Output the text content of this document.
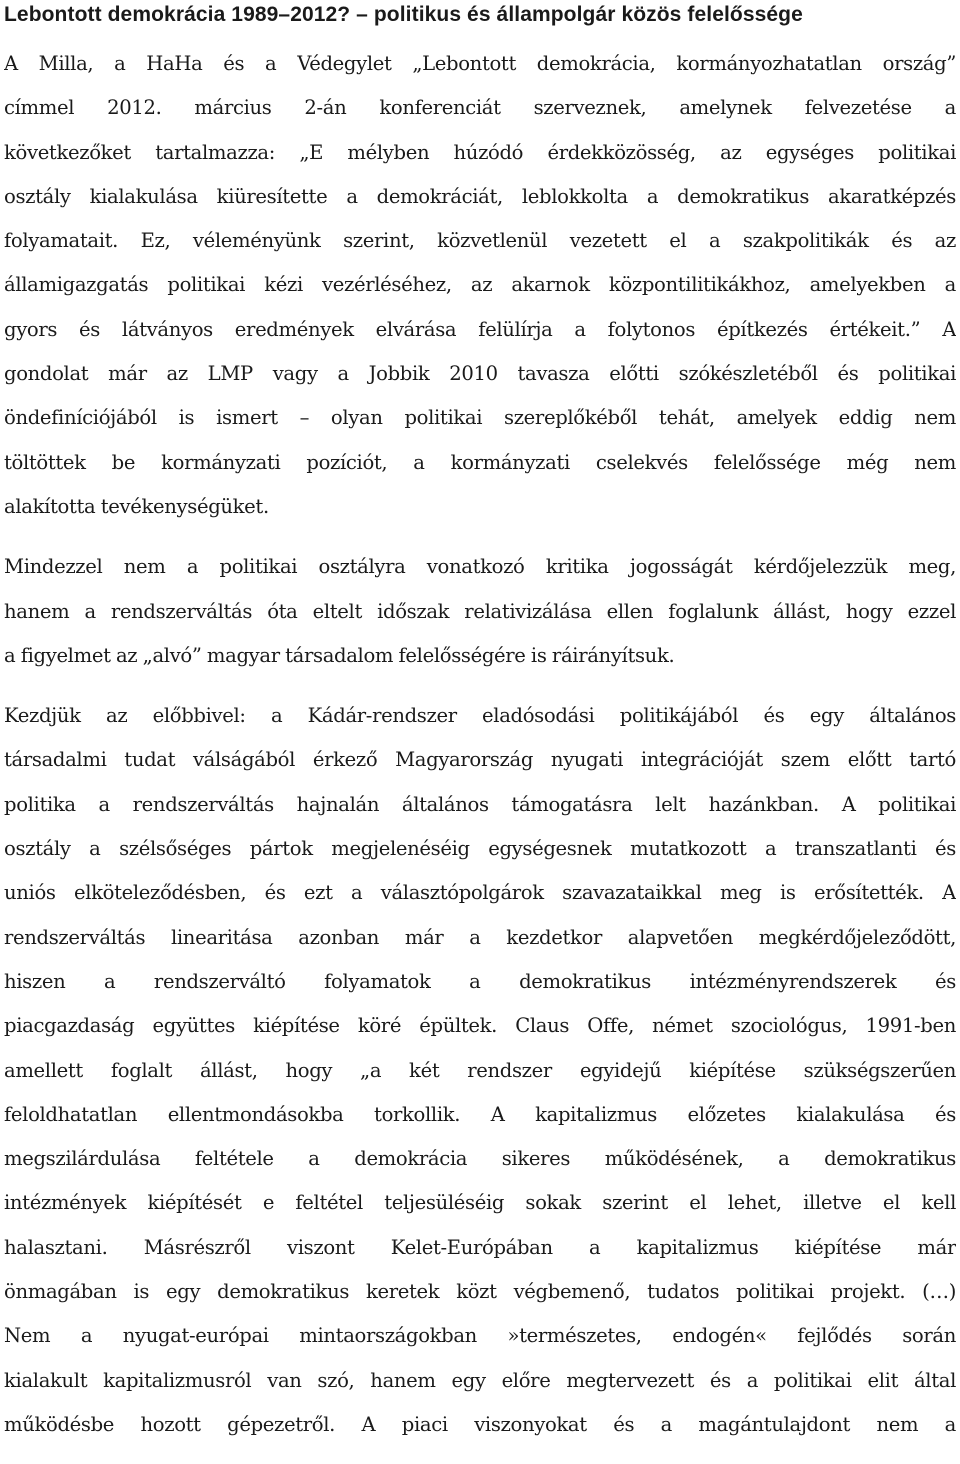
Lebontott demokrácia 1989–2012? – politikus és állampolgár közös felelőssége
A Milla, a HaHa és a Védegylet „Lebontott demokrácia, kormányozhatatlan ország”
címmel 2012. március 2-án konferenciát szerveznek, amelynek felvezetése a
következőket tartalmazza: „E mélyben húzódó érdekközösség, az egységes politikai
osztály kialakulása kiüresítette a demokráciát, leblokkolta a demokratikus akaratképzés
folyamatait. Ez, véleményünk szerint, közvetlenül vezetett el a szakpolitikák és az
államigazgatás politikai kézi vezérléséhez, az akarnok központilitikákhoz, amelyekben a
gyors és látványos eredmények elvárása felülírja a folytonos építkezés értékeit.” A
gondolat már az LMP vagy a Jobbik 2010 tavasza előtti szókészletéből és politikai
öndefiníciójából is ismert – olyan politikai szereplőkéből tehát, amelyek eddig nem
töltöttek be kormányzati pozíciót, a kormányzati cselekvés felelőssége még nem
alakította tevékenységüket.
Mindezzel nem a politikai osztályra vonatkozó kritika jogosságát kérdőjelezzük meg,
hanem a rendszerváltás óta eltelt időszak relativizálása ellen foglalunk állást, hogy ezzel
a figyelmet az „alvó” magyar társadalom felelősségére is ráirányítsuk.
Kezdjük az előbbivel: a Kádár-rendszer eladósodási politikájából és egy általános
társadalmi tudat válságából érkező Magyarország nyugati integrációját szem előtt tartó
politika a rendszerváltás hajnalán általános támogatásra lelt hazánkban. A politikai
osztály a szélsőséges pártok megjelenéséig egységesnek mutatkozott a transzatlanti és
uniós elköteleződésben, és ezt a választópolgárok szavazataikkal meg is erősítették. A
rendszerváltás linearitása azonban már a kezdetkor alapvetően megkérdőjeleződött,
hiszen a rendszerváltó folyamatok a demokratikus intézményrendszerek és
piacgazdaság együttes kiépítése köré épültek. Claus Offe, német szociológus, 1991-ben
amellett foglalt állást, hogy „a két rendszer egyidejű kiépítése szükségszerűen
feloldhatatlan ellentmondásokba torkollik. A kapitalizmus előzetes kialakulása és
megszilárdulása feltétele a demokrácia sikeres működésének, a demokratikus
intézmények kiépítését e feltétel teljesüléséig sokak szerint el lehet, illetve el kell
halasztani. Másrészről viszont Kelet-Európában a kapitalizmus kiépítése már
önmagában is egy demokratikus keretek közt végbemenő, tudatos politikai projekt. (…)
Nem a nyugat-európai mintaországokban »természetes, endogén« fejlődés során
kialakult kapitalizmusról van szó, hanem egy előre megtervezett és a politikai elit által
működésbe hozott gépezetről. A piaci viszonyokat és a magántulajdont nem a
